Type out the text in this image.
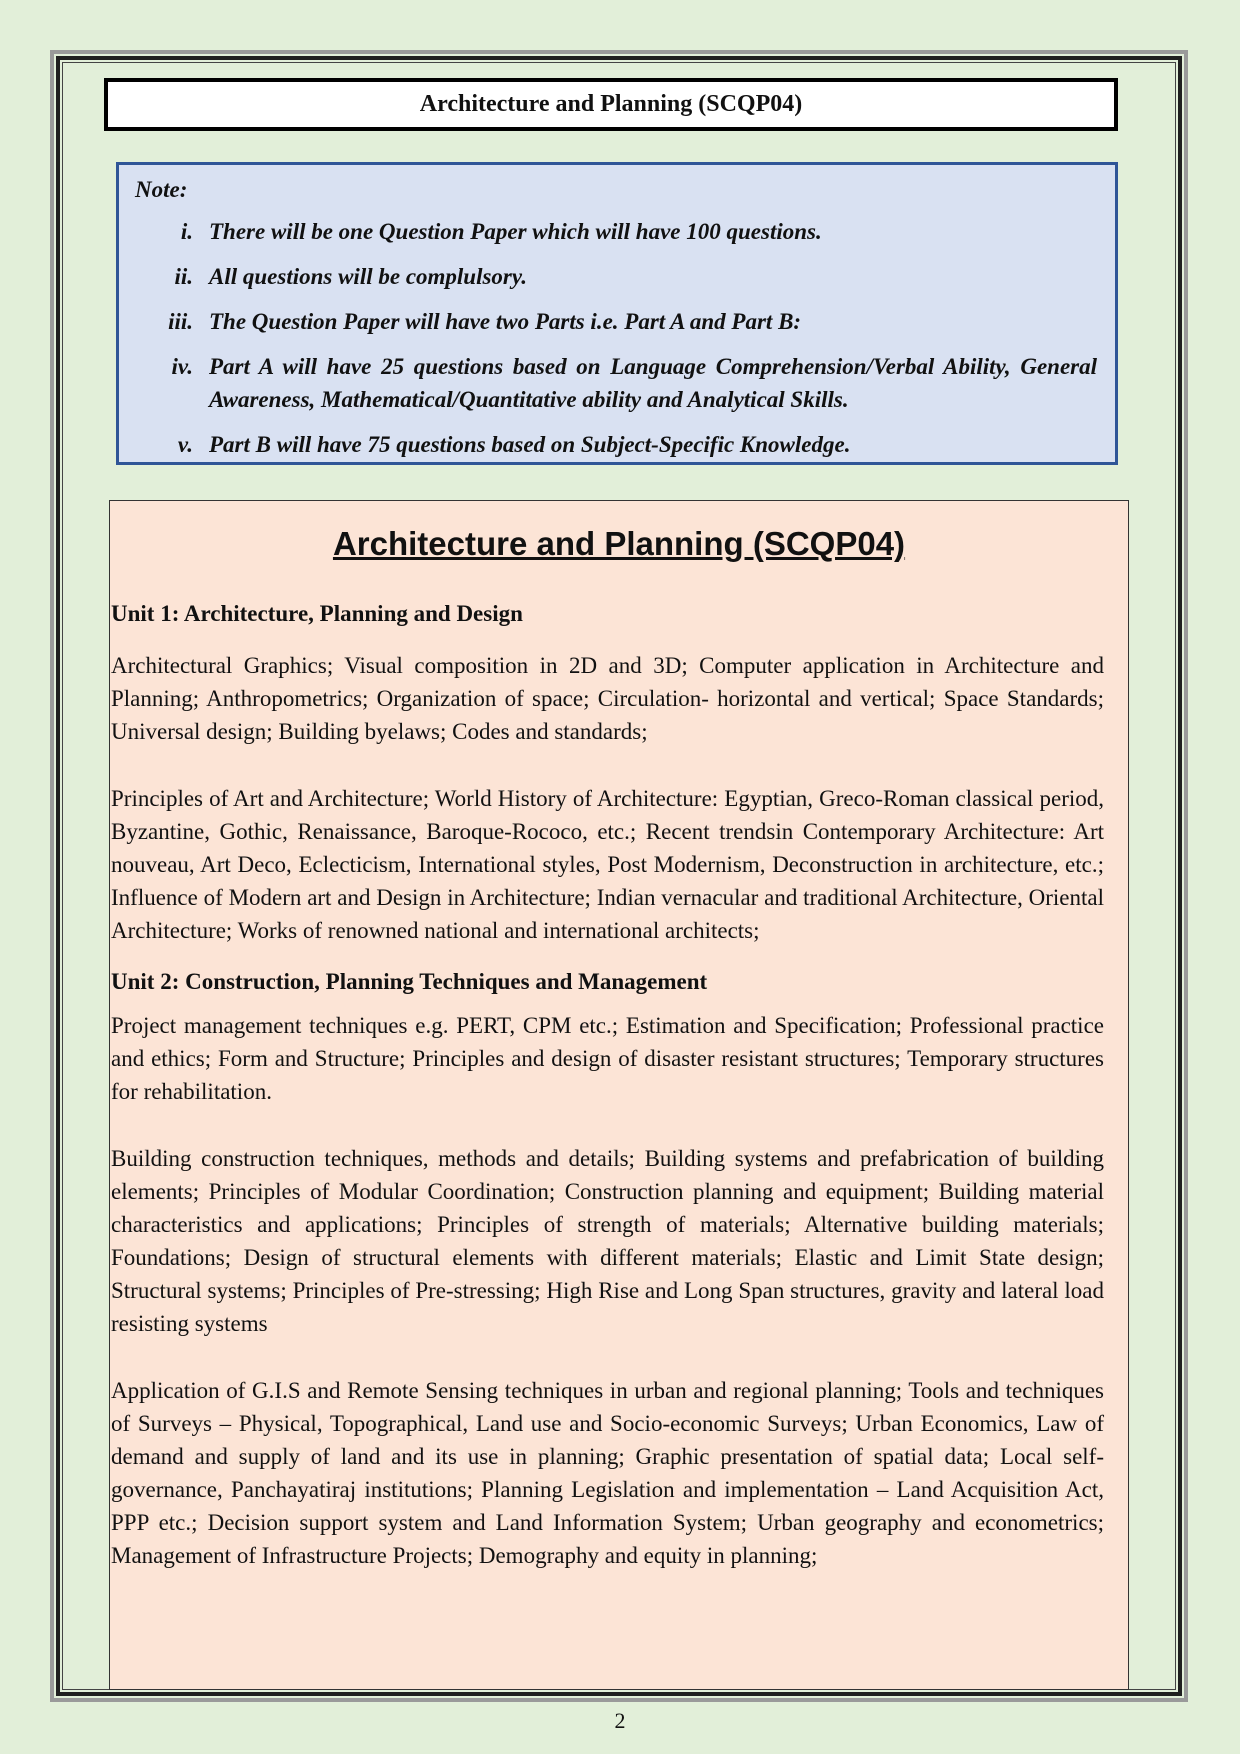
Architecture and Planning (SCQP04)
Note:
i. There will be one Question Paper which will have 100 questions.
ii. All questions will be complulsory.
iii. The Question Paper will have two Parts i.e. Part A and Part B:
iv. Part A will have 25 questions based on Language Comprehension/Verbal Ability, General Awareness, Mathematical/Quantitative ability and Analytical Skills.
v. Part B will have 75 questions based on Subject-Specific Knowledge.
Architecture and Planning (SCQP04)
Unit 1: Architecture, Planning and Design

Architectural Graphics; Visual composition in 2D and 3D; Computer application in Architecture and Planning; Anthropometrics; Organization of space; Circulation- horizontal and vertical; Space Standards; Universal design; Building byelaws; Codes and standards;

Principles of Art and Architecture; World History of Architecture: Egyptian, Greco-Roman classical period, Byzantine, Gothic, Renaissance, Baroque-Rococo, etc.; Recent trendsin Contemporary Architecture: Art nouveau, Art Deco, Eclecticism, International styles, Post Modernism, Deconstruction in architecture, etc.; Influence of Modern art and Design in Architecture; Indian vernacular and traditional Architecture, Oriental Architecture; Works of renowned national and international architects;

Unit 2: Construction, Planning Techniques and Management

Project management techniques e.g. PERT, CPM etc.; Estimation and Specification; Professional practice and ethics; Form and Structure; Principles and design of disaster resistant structures; Temporary structures for rehabilitation.

Building construction techniques, methods and details; Building systems and prefabrication of building elements; Principles of Modular Coordination; Construction planning and equipment; Building material characteristics and applications; Principles of strength of materials; Alternative building materials; Foundations; Design of structural elements with different materials; Elastic and Limit State design; Structural systems; Principles of Pre-stressing; High Rise and Long Span structures, gravity and lateral load resisting systems

Application of G.I.S and Remote Sensing techniques in urban and regional planning; Tools and techniques of Surveys – Physical, Topographical, Land use and Socio-economic Surveys; Urban Economics, Law of demand and supply of land and its use in planning; Graphic presentation of spatial data; Local self-governance, Panchayatiraj institutions; Planning Legislation and implementation – Land Acquisition Act, PPP etc.; Decision support system and Land Information System; Urban geography and econometrics; Management of Infrastructure Projects; Demography and equity in planning;

2
